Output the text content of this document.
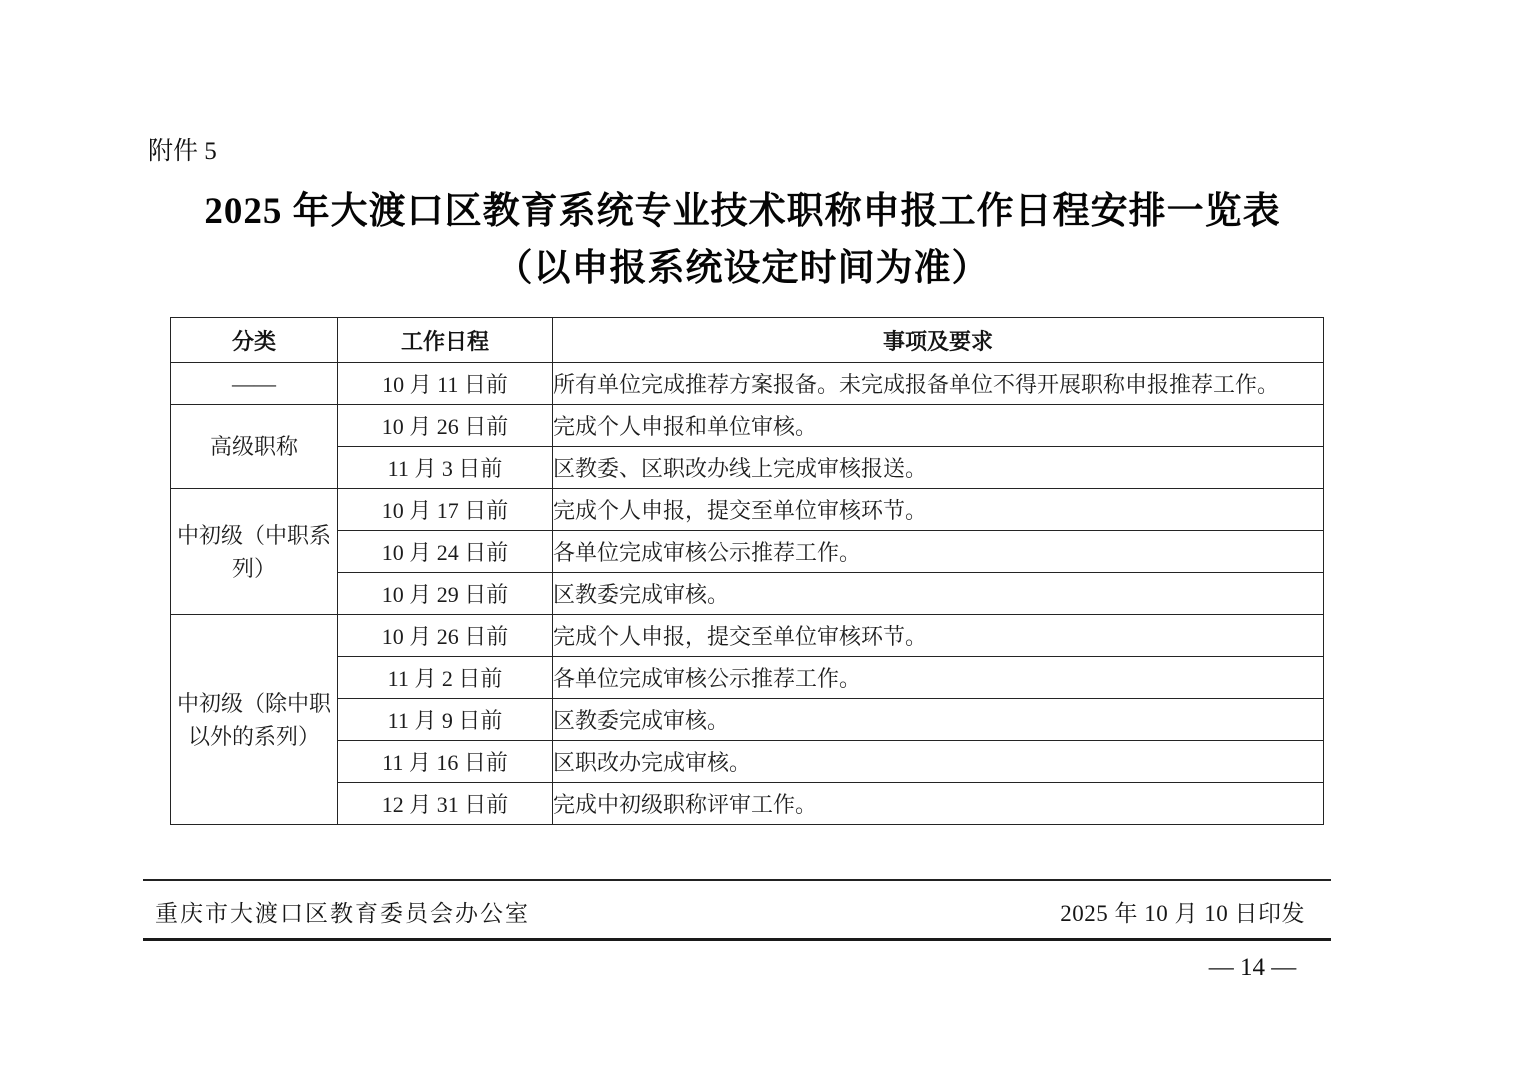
附件 5
2025 年大渡口区教育系统专业技术职称申报工作日程安排一览表
（以申报系统设定时间为准）
分类	工作日程	事项及要求
——	10 月 11 日前	所有单位完成推荐方案报备。未完成报备单位不得开展职称申报推荐工作。
高级职称	10 月 26 日前	完成个人申报和单位审核。
	11 月 3 日前	区教委、区职改办线上完成审核报送。
中初级（中职系列）	10 月 17 日前	完成个人申报，提交至单位审核环节。
	10 月 24 日前	各单位完成审核公示推荐工作。
	10 月 29 日前	区教委完成审核。
中初级（除中职以外的系列）	10 月 26 日前	完成个人申报，提交至单位审核环节。
	11 月 2 日前	各单位完成审核公示推荐工作。
	11 月 9 日前	区教委完成审核。
	11 月 16 日前	区职改办完成审核。
	12 月 31 日前	完成中初级职称评审工作。
重庆市大渡口区教育委员会办公室	2025 年 10 月 10 日印发
— 14 —
